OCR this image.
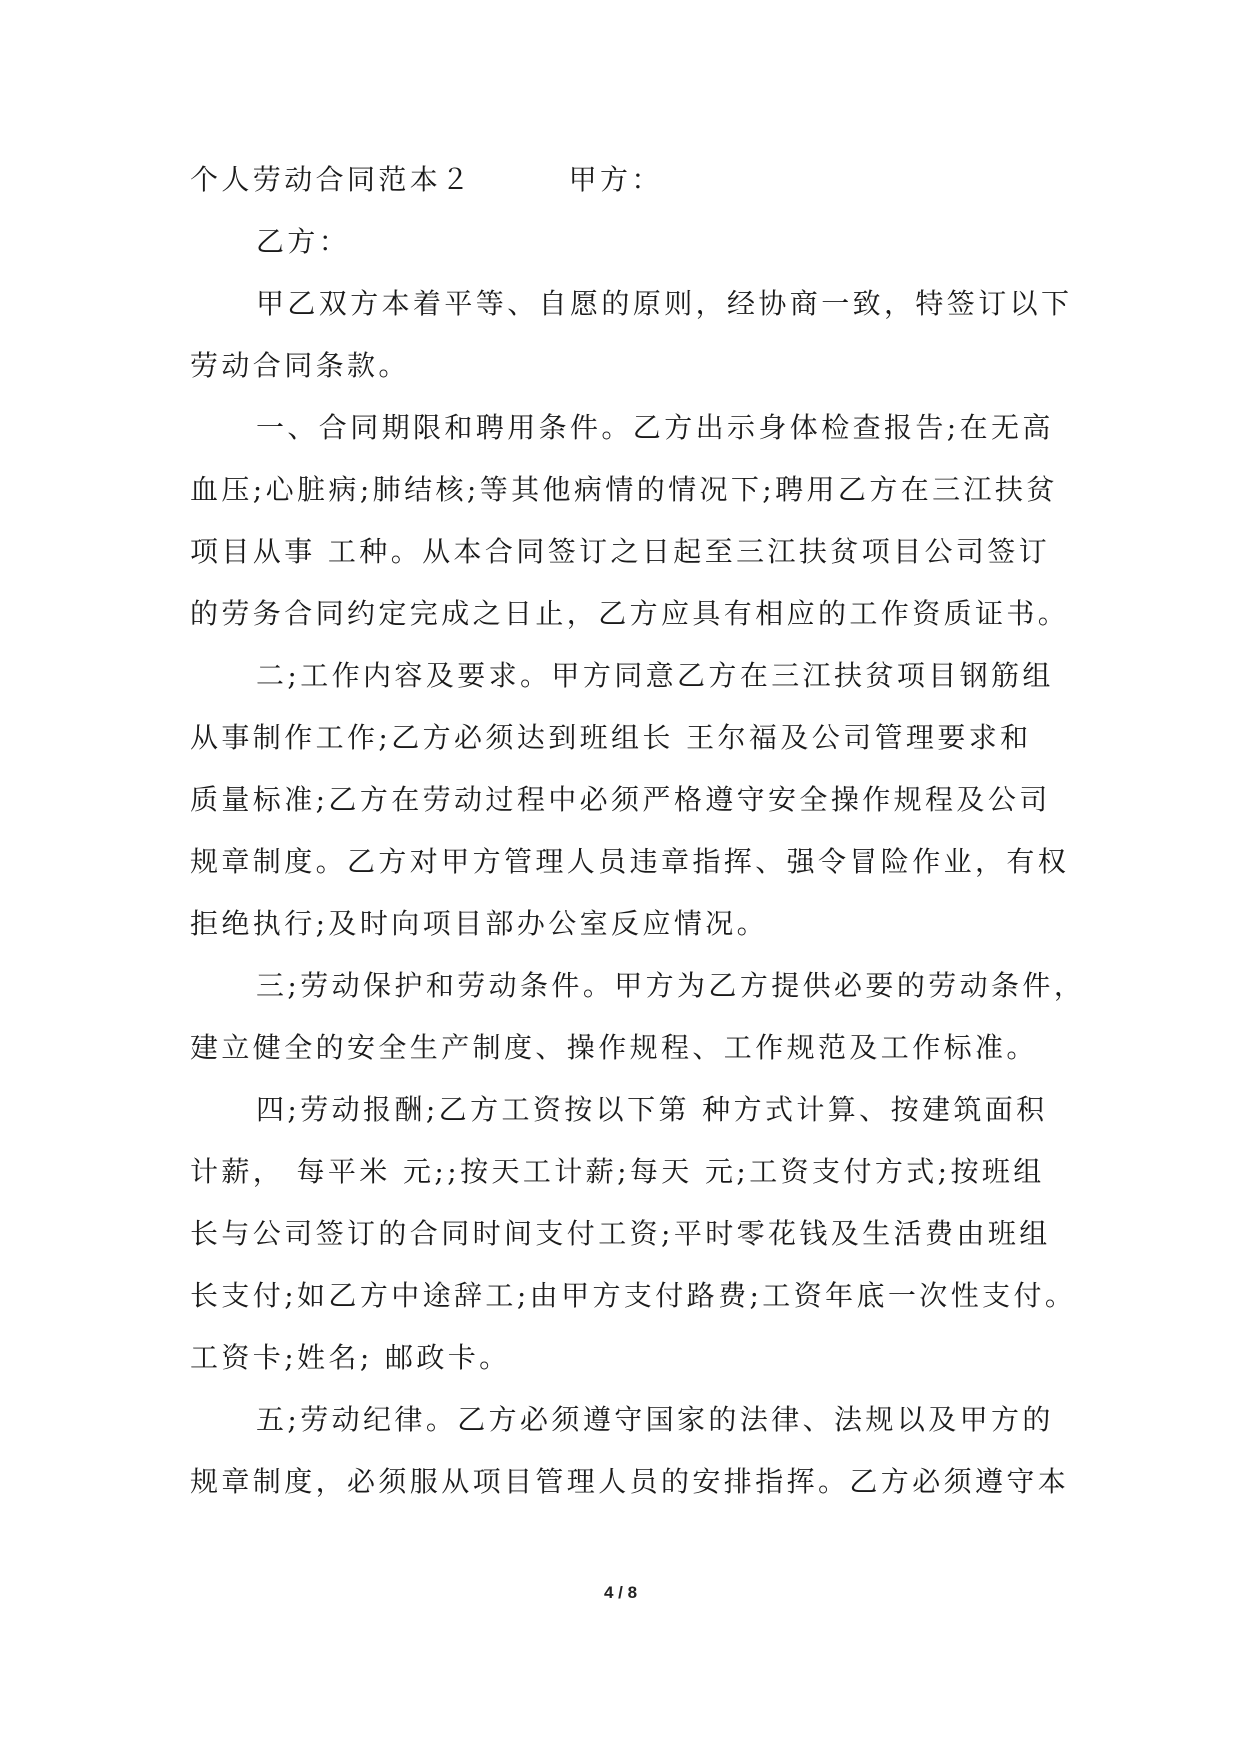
个人劳动合同范本２	甲方：
乙方：
甲乙双方本着平等、自愿的原则，经协商一致，特签订以下
劳动合同条款。
一、合同期限和聘用条件。乙方出示身体检查报告;在无高
血压;心脏病;肺结核;等其他病情的情况下;聘用乙方在三江扶贫
项目从事 工种。从本合同签订之日起至三江扶贫项目公司签订
的劳务合同约定完成之日止，乙方应具有相应的工作资质证书。
二;工作内容及要求。甲方同意乙方在三江扶贫项目钢筋组
从事制作工作;乙方必须达到班组长 王尔福及公司管理要求和
质量标准;乙方在劳动过程中必须严格遵守安全操作规程及公司
规章制度。乙方对甲方管理人员违章指挥、强令冒险作业，有权
拒绝执行;及时向项目部办公室反应情况。
三;劳动保护和劳动条件。甲方为乙方提供必要的劳动条件，
建立健全的安全生产制度、操作规程、工作规范及工作标准。
四;劳动报酬;乙方工资按以下第 种方式计算、按建筑面积
计薪， 每平米 元;;按天工计薪;每天 元;工资支付方式;按班组
长与公司签订的合同时间支付工资;平时零花钱及生活费由班组
长支付;如乙方中途辞工;由甲方支付路费;工资年底一次性支付。
工资卡;姓名; 邮政卡。
五;劳动纪律。乙方必须遵守国家的法律、法规以及甲方的
规章制度，必须服从项目管理人员的安排指挥。乙方必须遵守本
4 / 8
